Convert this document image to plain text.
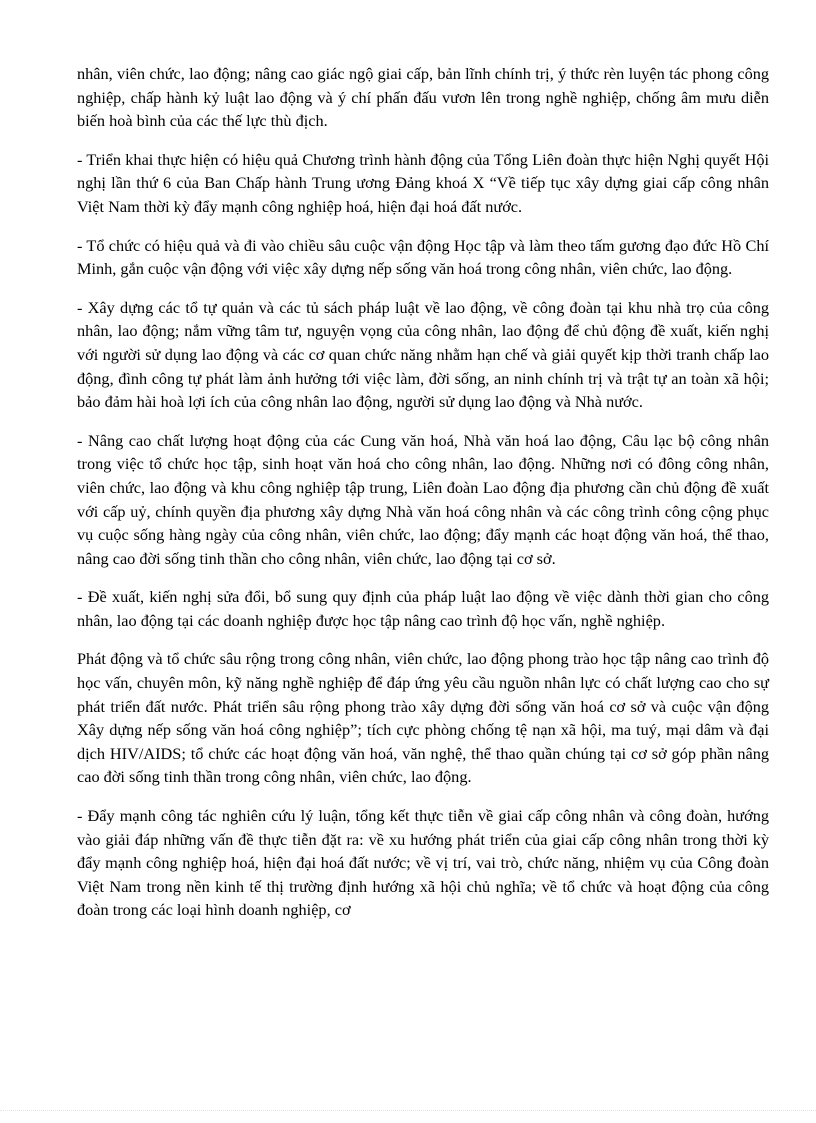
nhân, viên chức, lao động; nâng cao giác ngộ giai cấp, bản lĩnh chính trị, ý thức rèn luyện tác phong công nghiệp, chấp hành kỷ luật lao động và ý chí phấn đấu vươn lên trong nghề nghiệp, chống âm mưu diễn biến hoà bình của các thế lực thù địch.

- Triển khai thực hiện có hiệu quả Chương trình hành động của Tổng Liên đoàn thực hiện Nghị quyết Hội nghị lần thứ 6 của Ban Chấp hành Trung ương Đảng khoá X “Về tiếp tục xây dựng giai cấp công nhân Việt Nam thời kỳ đẩy mạnh công nghiệp hoá, hiện đại hoá đất nước.

- Tổ chức có hiệu quả và đi vào chiều sâu cuộc vận động Học tập và làm theo tấm gương đạo đức Hồ Chí Minh, gắn cuộc vận động với việc xây dựng nếp sống văn hoá trong công nhân, viên chức, lao động.

- Xây dựng các tổ tự quản và các tủ sách pháp luật về lao động, về công đoàn tại khu nhà trọ của công nhân, lao động; nắm vững tâm tư, nguyện vọng của công nhân, lao động để chủ động đề xuất, kiến nghị với người sử dụng lao động và các cơ quan chức năng nhằm hạn chế và giải quyết kịp thời tranh chấp lao động, đình công tự phát làm ảnh hưởng tới việc làm, đời sống, an ninh chính trị và trật tự an toàn xã hội; bảo đảm hài hoà lợi ích của công nhân lao động, người sử dụng lao động và Nhà nước.

- Nâng cao chất lượng hoạt động của các Cung văn hoá, Nhà văn hoá lao động, Câu lạc bộ công nhân trong việc tổ chức học tập, sinh hoạt văn hoá cho công nhân, lao động. Những nơi có đông công nhân, viên chức, lao động và khu công nghiệp tập trung, Liên đoàn Lao động địa phương cần chủ động đề xuất với cấp uỷ, chính quyền địa phương xây dựng Nhà văn hoá công nhân và các công trình công cộng phục vụ cuộc sống hàng ngày của công nhân, viên chức, lao động; đẩy mạnh các hoạt động văn hoá, thể thao, nâng cao đời sống tinh thần cho công nhân, viên chức, lao động tại cơ sở.

- Đề xuất, kiến nghị sửa đổi, bổ sung quy định của pháp luật lao động về việc dành thời gian cho công nhân, lao động tại các doanh nghiệp được học tập nâng cao trình độ học vấn, nghề nghiệp.

Phát động và tổ chức sâu rộng trong công nhân, viên chức, lao động phong trào học tập nâng cao trình độ học vấn, chuyên môn, kỹ năng nghề nghiệp để đáp ứng yêu cầu nguồn nhân lực có chất lượng cao cho sự phát triển đất nước. Phát triển sâu rộng phong trào xây dựng đời sống văn hoá cơ sở và cuộc vận động Xây dựng nếp sống văn hoá công nghiệp”; tích cực phòng chống tệ nạn xã hội, ma tuý, mại dâm và đại dịch HIV/AIDS; tổ chức các hoạt động văn hoá, văn nghệ, thể thao quần chúng tại cơ sở góp phần nâng cao đời sống tinh thần trong công nhân, viên chức, lao động.

- Đẩy mạnh công tác nghiên cứu lý luận, tổng kết thực tiễn về giai cấp công nhân và công đoàn, hướng vào giải đáp những vấn đề thực tiễn đặt ra: về xu hướng phát triển của giai cấp công nhân trong thời kỳ đẩy mạnh công nghiệp hoá, hiện đại hoá đất nước; về vị trí, vai trò, chức năng, nhiệm vụ của Công đoàn Việt Nam trong nền kinh tế thị trường định hướng xã hội chủ nghĩa; về tổ chức và hoạt động của công đoàn trong các loại hình doanh nghiệp, cơ
